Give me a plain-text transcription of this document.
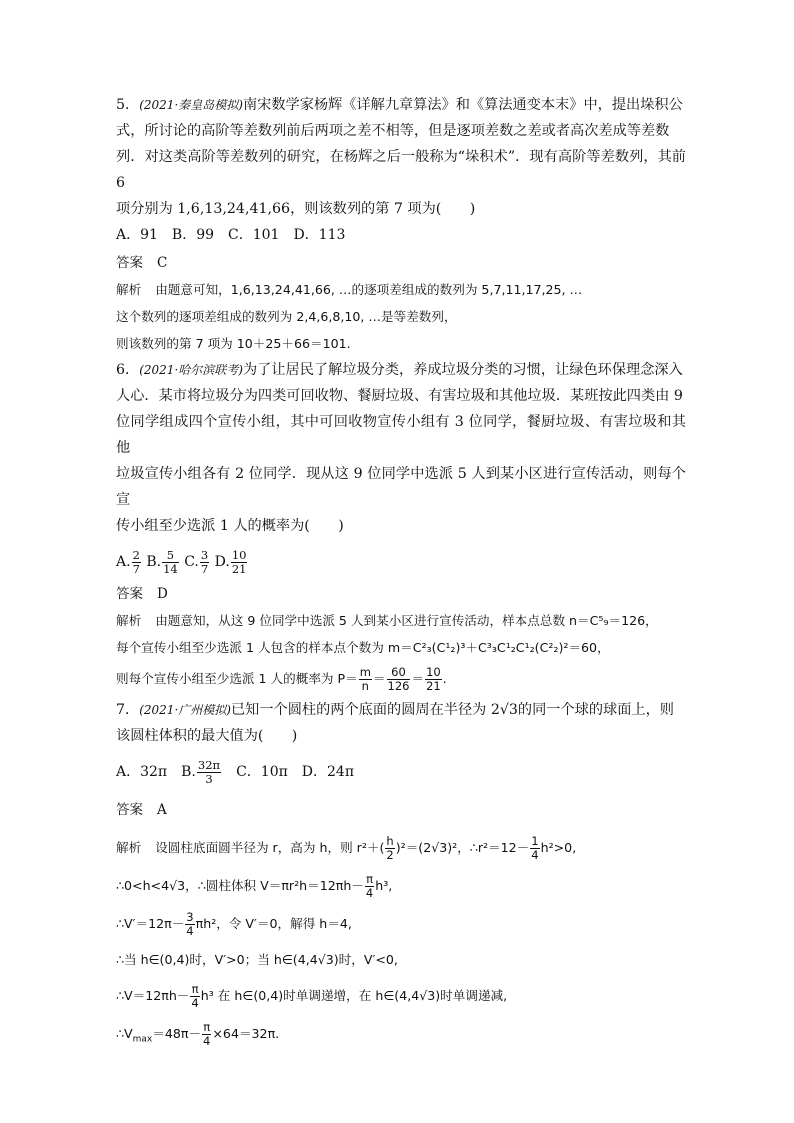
5．(2021·秦皇岛模拟)南宋数学家杨辉《详解九章算法》和《算法通变本末》中，提出垛积公

式，所讨论的高阶等差数列前后两项之差不相等，但是逐项差数之差或者高次差成等差数

列．对这类高阶等差数列的研究，在杨辉之后一般称为“垛积术”．现有高阶等差数列，其前 6

项分别为 1,6,13,24,41,66，则该数列的第 7 项为(　　)

A．91　B．99　C．101　D．113

答案 C

解析 由题意可知，1,6,13,24,41,66, …的逐项差组成的数列为 5,7,11,17,25, …

这个数列的逐项差组成的数列为 2,4,6,8,10, …是等差数列，

则该数列的第 7 项为 10＋25＋66＝101.

6．(2021·哈尔滨联考)为了让居民了解垃圾分类，养成垃圾分类的习惯，让绿色环保理念深入

人心．某市将垃圾分为四类可回收物、餐厨垃圾、有害垃圾和其他垃圾．某班按此四类由 9

位同学组成四个宣传小组，其中可回收物宣传小组有 3 位同学，餐厨垃圾、有害垃圾和其他

垃圾宣传小组各有 2 位同学．现从这 9 位同学中选派 5 人到某小区进行宣传活动，则每个宣

传小组至少选派 1 人的概率为(　　)

A. $\frac{2}{7} B$. $\frac{5}{14} C$. $\frac{3}{7} D$. $\frac{10}{21}$

答案 D

解析 由题意知，从这 9 位同学中选派 5 人到某小区进行宣传活动，样本点总数 n＝C⁵₉＝126，

每个宣传小组至少选派 1 人包含的样本点个数为 m＝C²₃(C¹₂)³＋C³₃C¹₂C¹₂(C²₂)²＝60，

则每个宣传小组至少选派 1 人的概率为 $P= \frac{m}{n} = \frac{60}{126} = \frac{10}{21}$ .

7．(2021·广州模拟)已知一个圆柱的两个底面的圆周在半径为 2√3的同一个球的球面上，则

该圆柱体积的最大值为(　　)

A．32π　B. $\frac{32\pi}{3}$ 　C．10π　D．24π

答案 A

解析 设圆柱底面圆半径为 r，高为 h，则 $r^2+( \frac{h}{2} )^2=(2√3)^2$，∴r²＝12－ $\frac{1}{4} h^2>0$,

∴0<h<4√3，∴圆柱体积 $V=\pi r^2h=12\pi h- \frac{\pi}{4} h^3$,

∴V′＝12π－ $\frac{3}{4} \pi h^2$，令 V′＝0，解得 h＝4,

∴当 h∈(0,4)时，V′>0；当 h∈(4,4√3)时，V′<0,

∴V＝12πh－ $\frac{\pi}{4} h^3$ 在 h∈(0,4)时单调递增，在 h∈(4,4√3)时单调递减,

$\therefore V_{max}=48\pi- \frac{\pi}{4} \times 64=32\pi$.
